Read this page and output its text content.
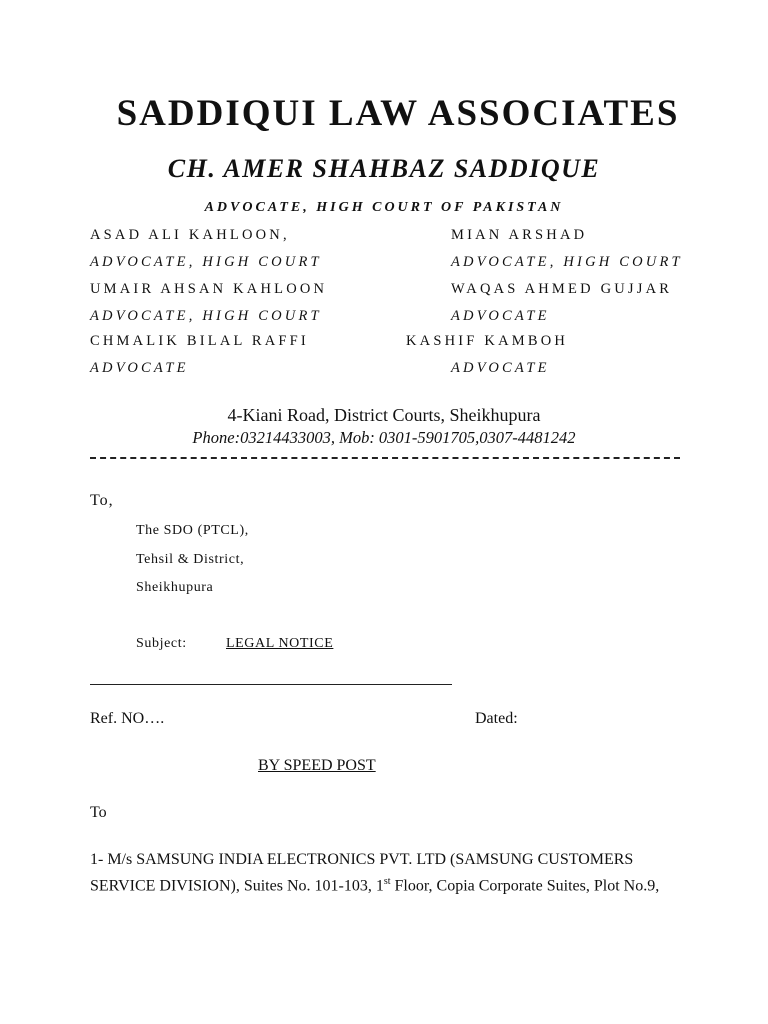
SADDIQUI LAW ASSOCIATES
CH. AMER SHAHBAZ SADDIQUE
ADVOCATE, HIGH COURT OF PAKISTAN
ASAD ALI KAHLOON,
ADVOCATE, HIGH COURT
MIAN ARSHAD
ADVOCATE, HIGH COURT
UMAIR AHSAN KAHLOON
ADVOCATE, HIGH COURT
WAQAS AHMED GUJJAR
ADVOCATE
CHMALIK BILAL RAFFI
ADVOCATE
KASHIF KAMBOH
ADVOCATE
4-Kiani Road, District Courts, Sheikhupura
Phone:03214433003, Mob: 0301-5901705,0307-4481242
To,
The SDO (PTCL),
Tehsil & District,
Sheikhupura
Subject:	LEGAL NOTICE
Ref. NO….	Dated:
BY SPEED POST
To
1- M/s SAMSUNG INDIA ELECTRONICS PVT. LTD (SAMSUNG CUSTOMERS
SERVICE DIVISION), Suites No. 101-103, 1st Floor, Copia Corporate Suites, Plot No.9,
